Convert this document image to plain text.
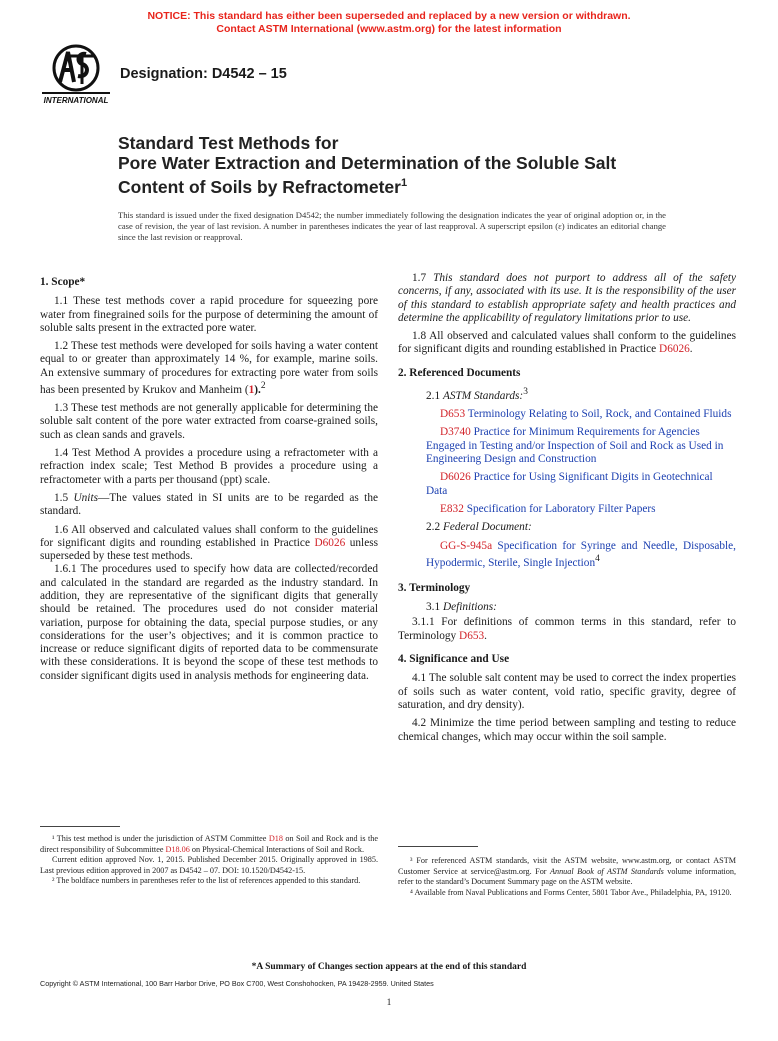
NOTICE: This standard has either been superseded and replaced by a new version or withdrawn.
Contact ASTM International (www.astm.org) for the latest information
INTERNATIONAL
Designation: D4542 – 15
Standard Test Methods for
Pore Water Extraction and Determination of the Soluble Salt
Content of Soils by Refractometer$^1$
This standard is issued under the fixed designation D4542; the number immediately following the designation indicates the year of original adoption or, in the case of revision, the year of last revision. A number in parentheses indicates the year of last reapproval. A superscript epsilon (ε) indicates an editorial change since the last revision or reapproval.
1. Scope*

1.1 These test methods cover a rapid procedure for squeezing pore water from finegrained soils for the purpose of determining the amount of soluble salts present in the extracted pore water.

1.2 These test methods were developed for soils having a water content equal to or greater than approximately 14 %, for example, marine soils. An extensive summary of procedures for extracting pore water from soils has been presented by Krukov and Manheim (1).$^2$

1.3 These test methods are not generally applicable for determining the soluble salt content of the pore water extracted from coarse-grained soils, such as clean sands and gravels.

1.4 Test Method A provides a procedure using a refractometer with a refraction index scale; Test Method B provides a procedure using a refractometer with a parts per thousand (ppt) scale.

1.5 Units—The values stated in SI units are to be regarded as the standard.

1.6 All observed and calculated values shall conform to the guidelines for significant digits and rounding established in Practice D6026 unless superseded by these test methods.

1.6.1 The procedures used to specify how data are collected/recorded and calculated in the standard are regarded as the industry standard. In addition, they are representative of the significant digits that generally should be retained. The procedures used do not consider material variation, purpose for obtaining the data, special purpose studies, or any considerations for the user’s objectives; and it is common practice to increase or reduce significant digits of reported data to be commensurate with these considerations. It is beyond the scope of these test methods to consider significant digits used in analysis methods for engineering data.

¹ This test method is under the jurisdiction of ASTM Committee D18 on Soil and Rock and is the direct responsibility of Subcommittee D18.06 on Physical-Chemical Interactions of Soil and Rock.

Current edition approved Nov. 1, 2015. Published December 2015. Originally approved in 1985. Last previous edition approved in 2007 as D4542 – 07. DOI: 10.1520/D4542-15.

² The boldface numbers in parentheses refer to the list of references appended to this standard.

1.7 This standard does not purport to address all of the safety concerns, if any, associated with its use. It is the responsibility of the user of this standard to establish appropriate safety and health practices and determine the applicability of regulatory limitations prior to use.

1.8 All observed and calculated values shall conform to the guidelines for significant digits and rounding established in Practice D6026.

2. Referenced Documents

2.1 ASTM Standards:$^3$

D653 Terminology Relating to Soil, Rock, and Contained Fluids

D3740 Practice for Minimum Requirements for Agencies Engaged in Testing and/or Inspection of Soil and Rock as Used in Engineering Design and Construction

D6026 Practice for Using Significant Digits in Geotechnical Data

E832 Specification for Laboratory Filter Papers

2.2 Federal Document:

GG-S-945a Specification for Syringe and Needle, Disposable, Hypodermic, Sterile, Single Injection$^4$

3. Terminology

3.1 Definitions:

3.1.1 For definitions of common terms in this standard, refer to Terminology D653.

4. Significance and Use

4.1 The soluble salt content may be used to correct the index properties of soils such as water content, void ratio, specific gravity, degree of saturation, and dry density).

4.2 Minimize the time period between sampling and testing to reduce chemical changes, which may occur within the soil sample.

³ For referenced ASTM standards, visit the ASTM website, www.astm.org, or contact ASTM Customer Service at service@astm.org. For Annual Book of ASTM Standards volume information, refer to the standard’s Document Summary page on the ASTM website.

⁴ Available from Naval Publications and Forms Center, 5801 Tabor Ave., Philadelphia, PA, 19120.

*A Summary of Changes section appears at the end of this standard
Copyright © ASTM International, 100 Barr Harbor Drive, PO Box C700, West Conshohocken, PA 19428-2959. United States
1
